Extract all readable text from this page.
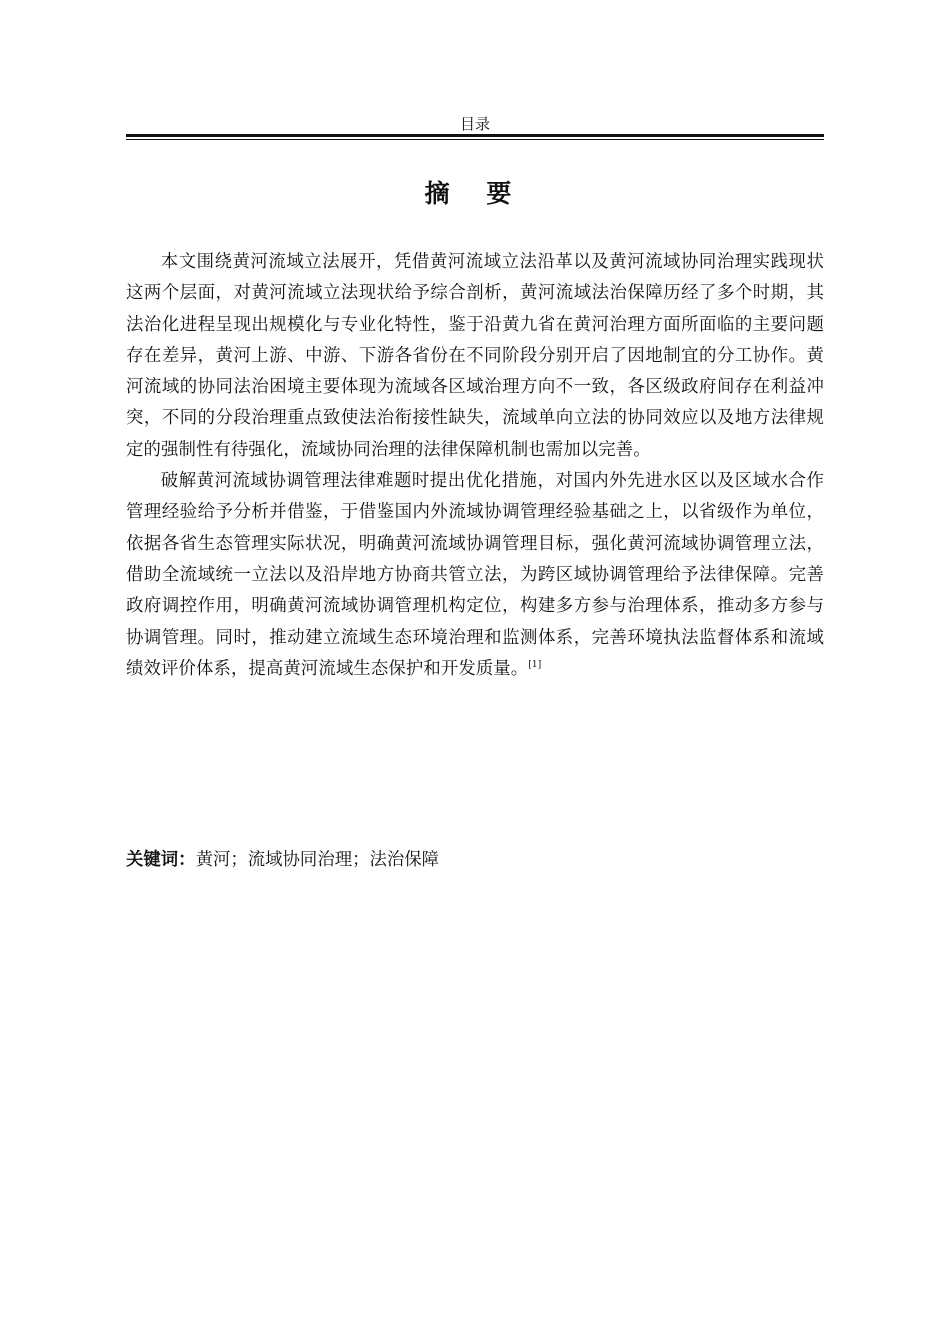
目录
摘 要

本文围绕黄河流域立法展开，凭借黄河流域立法沿革以及黄河流域协同治理实践现状这两个层面，对黄河流域立法现状给予综合剖析，黄河流域法治保障历经了多个时期，其法治化进程呈现出规模化与专业化特性，鉴于沿黄九省在黄河治理方面所面临的主要问题存在差异，黄河上游、中游、下游各省份在不同阶段分别开启了因地制宜的分工协作。黄河流域的协同法治困境主要体现为流域各区域治理方向不一致，各区级政府间存在利益冲突，不同的分段治理重点致使法治衔接性缺失，流域单向立法的协同效应以及地方法律规定的强制性有待强化，流域协同治理的法律保障机制也需加以完善。

破解黄河流域协调管理法律难题时提出优化措施，对国内外先进水区以及区域水合作管理经验给予分析并借鉴，于借鉴国内外流域协调管理经验基础之上，以省级作为单位，依据各省生态管理实际状况，明确黄河流域协调管理目标，强化黄河流域协调管理立法，借助全流域统一立法以及沿岸地方协商共管立法，为跨区域协调管理给予法律保障。完善政府调控作用，明确黄河流域协调管理机构定位，构建多方参与治理体系，推动多方参与协调管理。同时，推动建立流域生态环境治理和监测体系，完善环境执法监督体系和流域绩效评价体系，提高黄河流域生态保护和开发质量。[1]

关键词：黄河；流域协同治理；法治保障
